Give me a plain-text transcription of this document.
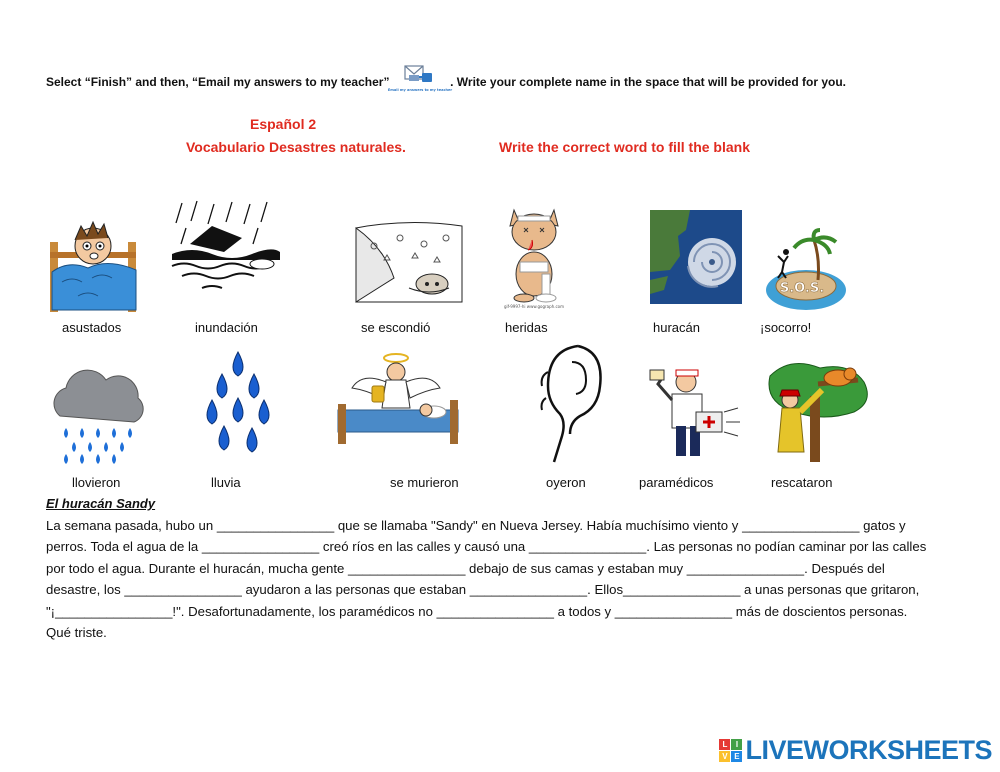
Select “Finish” and then, “Email my answers to my teacher”
Email my answers to my teacher
. Write your complete name in the space that will be provided for you.
Español 2
Vocabulario Desastres naturales.	Write the correct word to fill the blank
gif-9997-hi www.gograph.com
S.O.S.
asustados	inundación	se escondió	heridas	huracán	¡socorro!
llovieron	lluvia	se murieron	oyeron	paramédicos	rescataron
El huracán Sandy
La semana pasada, hubo un ________________ que se llamaba "Sandy" en Nueva Jersey. Había muchísimo viento y ________________ gatos y
perros. Toda el agua de la ________________ creó ríos en las calles y causó una ________________. Las personas no podían caminar por las calles
por todo el agua. Durante el huracán, mucha gente ________________ debajo de sus camas y estaban muy ________________. Después del
desastre, los ________________ ayudaron a las personas que estaban ________________. Ellos________________ a unas personas que gritaron,
"¡________________!". Desafortunadamente, los paramédicos no ________________ a todos y ________________ más de doscientos personas.
Qué triste.
L	I
V E LIVEWORKSHEETS
